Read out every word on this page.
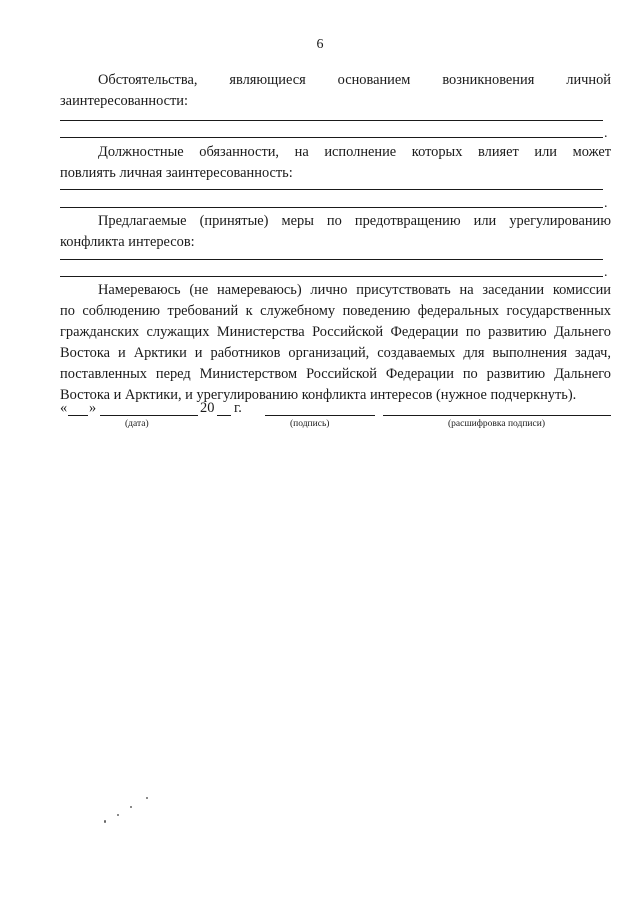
6

Обстоятельства, являющиеся основанием возникновения личной
заинтересованности:

.

Должностные обязанности, на исполнение которых влияет или может
повлиять личная заинтересованность:

.

Предлагаемые (принятые) меры по предотвращению или урегулированию
конфликта интересов:

.

Намереваюсь (не намереваюсь) лично присутствовать на заседании комиссии
по соблюдению требований к служебному поведению федеральных государственных гражданских служащих Министерства Российской Федерации по развитию Дальнего Востока и Арктики и работников организаций, создаваемых для выполнения задач, поставленных перед Министерством Российской Федерации по развитию Дальнего Востока и Арктики, и урегулированию конфликта интересов (нужное подчеркнуть).

« »	20 г.
(дата)	(подпись)	(расшифровка подписи)
